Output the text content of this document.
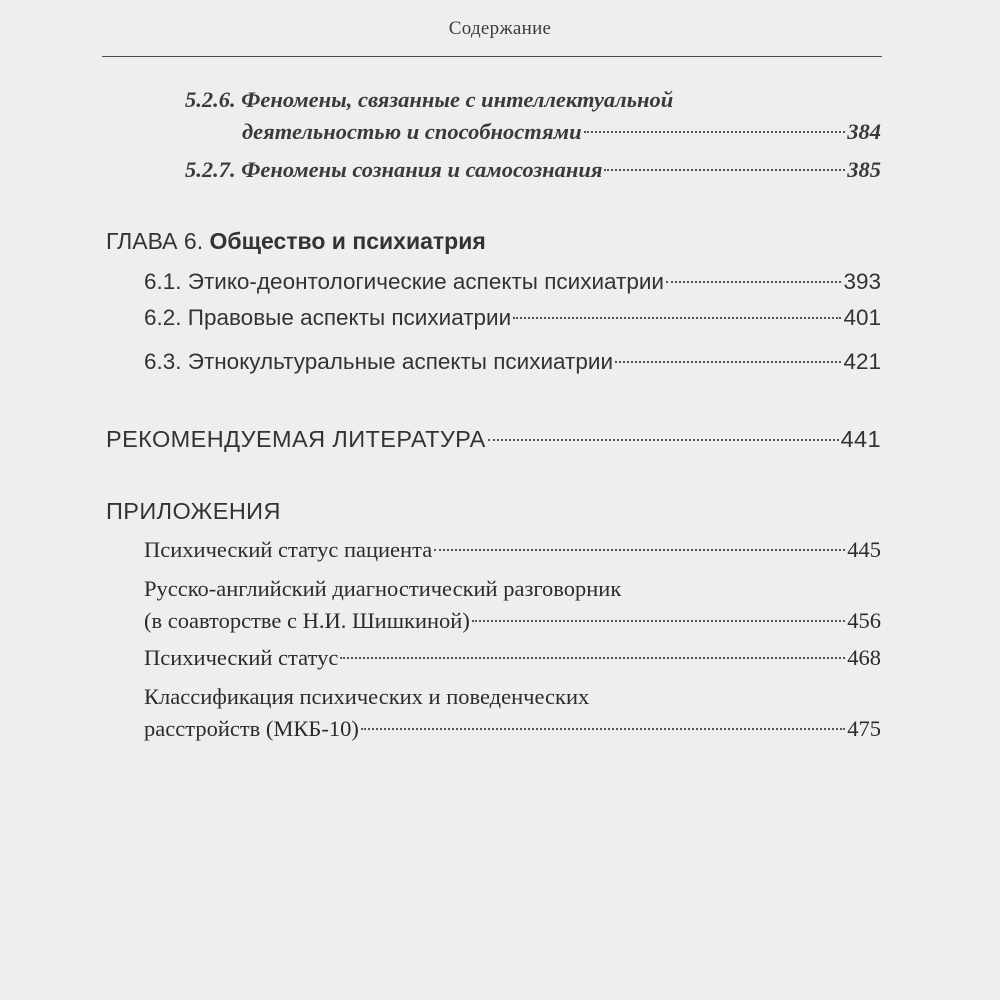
Содержание
5.2.6. Феномены, связанные с интеллектуальной
деятельностью и способностями	384
5.2.7. Феномены сознания и самосознания	385
ГЛАВА 6. Общество и психиатрия
6.1. Этико-деонтологические аспекты психиатрии	393
6.2. Правовые аспекты психиатрии	401
6.3. Этнокультуральные аспекты психиатрии	421
РЕКОМЕНДУЕМАЯ ЛИТЕРАТУРА	441
ПРИЛОЖЕНИЯ
Психический статус пациента	445
Русско-английский диагностический разговорник
(в соавторстве с Н.И. Шишкиной)	456
Психический статус	468
Классификация психических и поведенческих
расстройств (МКБ-10)	475
